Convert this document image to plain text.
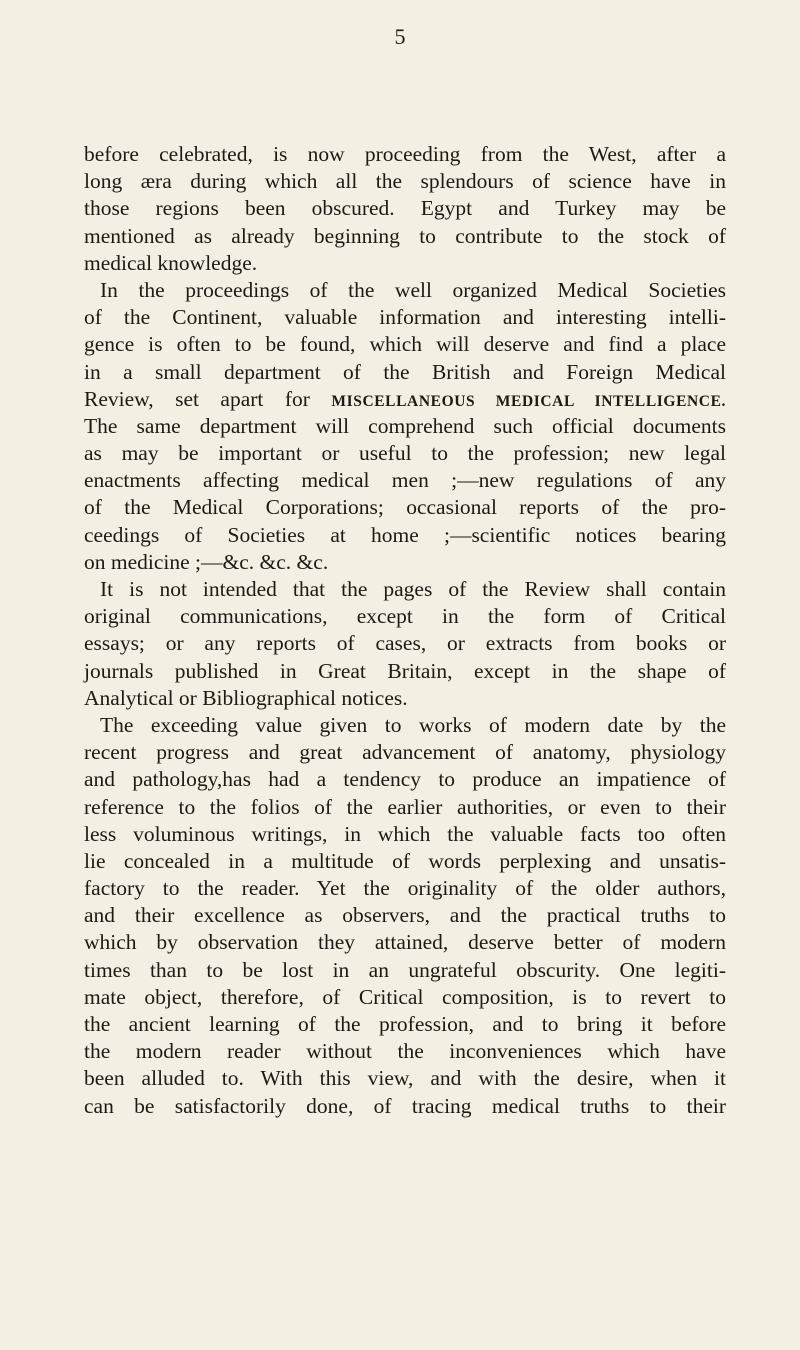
5
before celebrated, is now proceeding from the West, after a
long æra during which all the splendours of science have in
those regions been obscured. Egypt and Turkey may be
mentioned as already beginning to contribute to the stock of
medical knowledge.
In the proceedings of the well organized Medical Societies
of the Continent, valuable information and interesting intelli-
gence is often to be found, which will deserve and find a place
in a small department of the British and Foreign Medical
Review, set apart for MISCELLANEOUS MEDICAL INTELLIGENCE.
The same department will comprehend such official documents
as may be important or useful to the profession; new legal
enactments affecting medical men ;—new regulations of any
of the Medical Corporations; occasional reports of the pro-
ceedings of Societies at home ;—scientific notices bearing
on medicine ;—&c. &c. &c.
It is not intended that the pages of the Review shall contain
original communications, except in the form of Critical
essays; or any reports of cases, or extracts from books or
journals published in Great Britain, except in the shape of
Analytical or Bibliographical notices.
The exceeding value given to works of modern date by the
recent progress and great advancement of anatomy, physiology
and pathology,has had a tendency to produce an impatience of
reference to the folios of the earlier authorities, or even to their
less voluminous writings, in which the valuable facts too often
lie concealed in a multitude of words perplexing and unsatis-
factory to the reader. Yet the originality of the older authors,
and their excellence as observers, and the practical truths to
which by observation they attained, deserve better of modern
times than to be lost in an ungrateful obscurity. One legiti-
mate object, therefore, of Critical composition, is to revert to
the ancient learning of the profession, and to bring it before
the modern reader without the inconveniences which have
been alluded to. With this view, and with the desire, when it
can be satisfactorily done, of tracing medical truths to their
